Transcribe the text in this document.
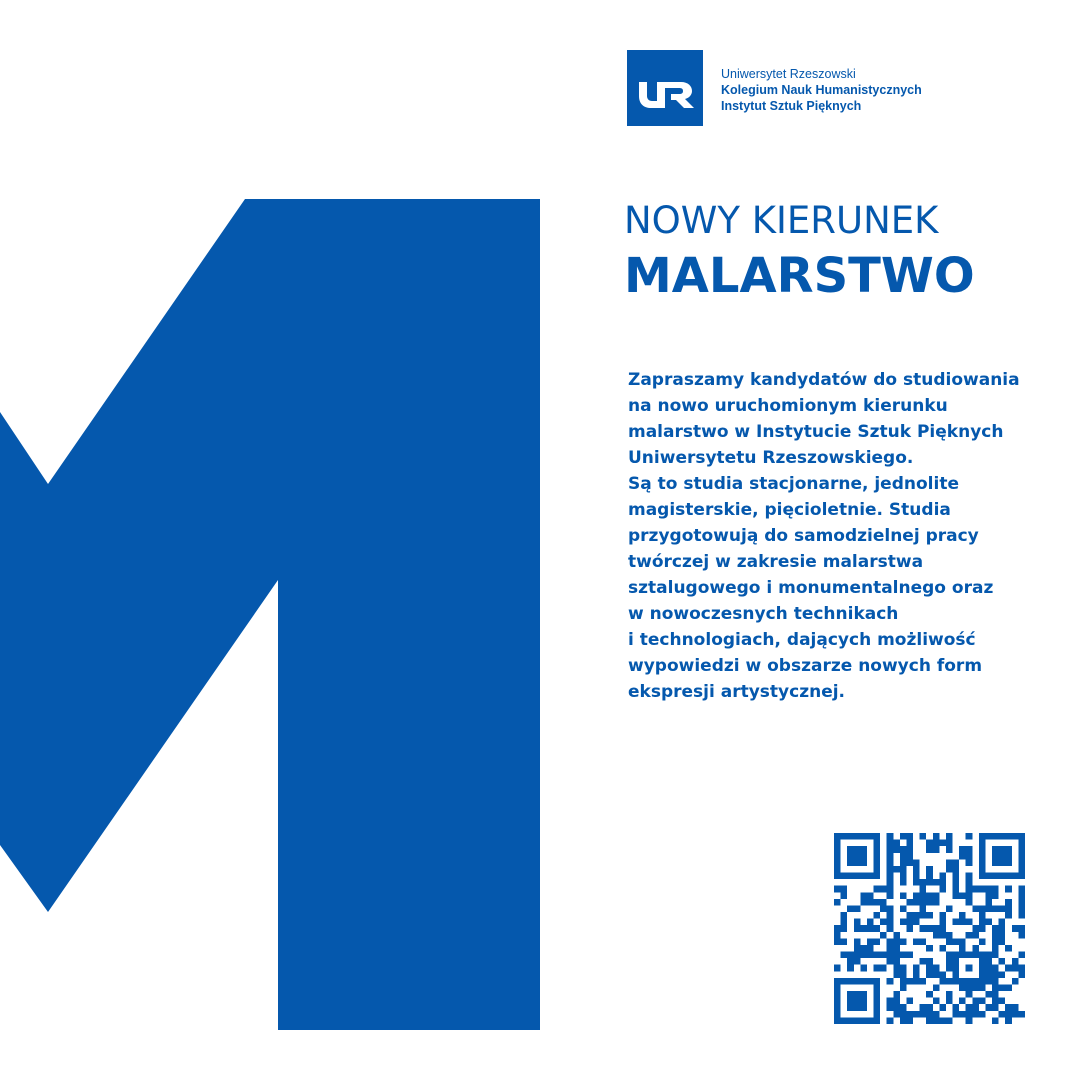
Uniwersytet Rzeszowski
Kolegium Nauk Humanistycznych
Instytut Sztuk Pięknych
NOWY KIERUNEK
MALARSTWO

Zapraszamy kandydatów do studiowania

na nowo uruchomionym kierunku

malarstwo w Instytucie Sztuk Pięknych

Uniwersytetu Rzeszowskiego.

Są to studia stacjonarne, jednolite

magisterskie, pięcioletnie. Studia

przygotowują do samodzielnej pracy

twórczej w zakresie malarstwa

sztalugowego i monumentalnego oraz

w nowoczesnych technikach

i technologiach, dających możliwość

wypowiedzi w obszarze nowych form

ekspresji artystycznej.
